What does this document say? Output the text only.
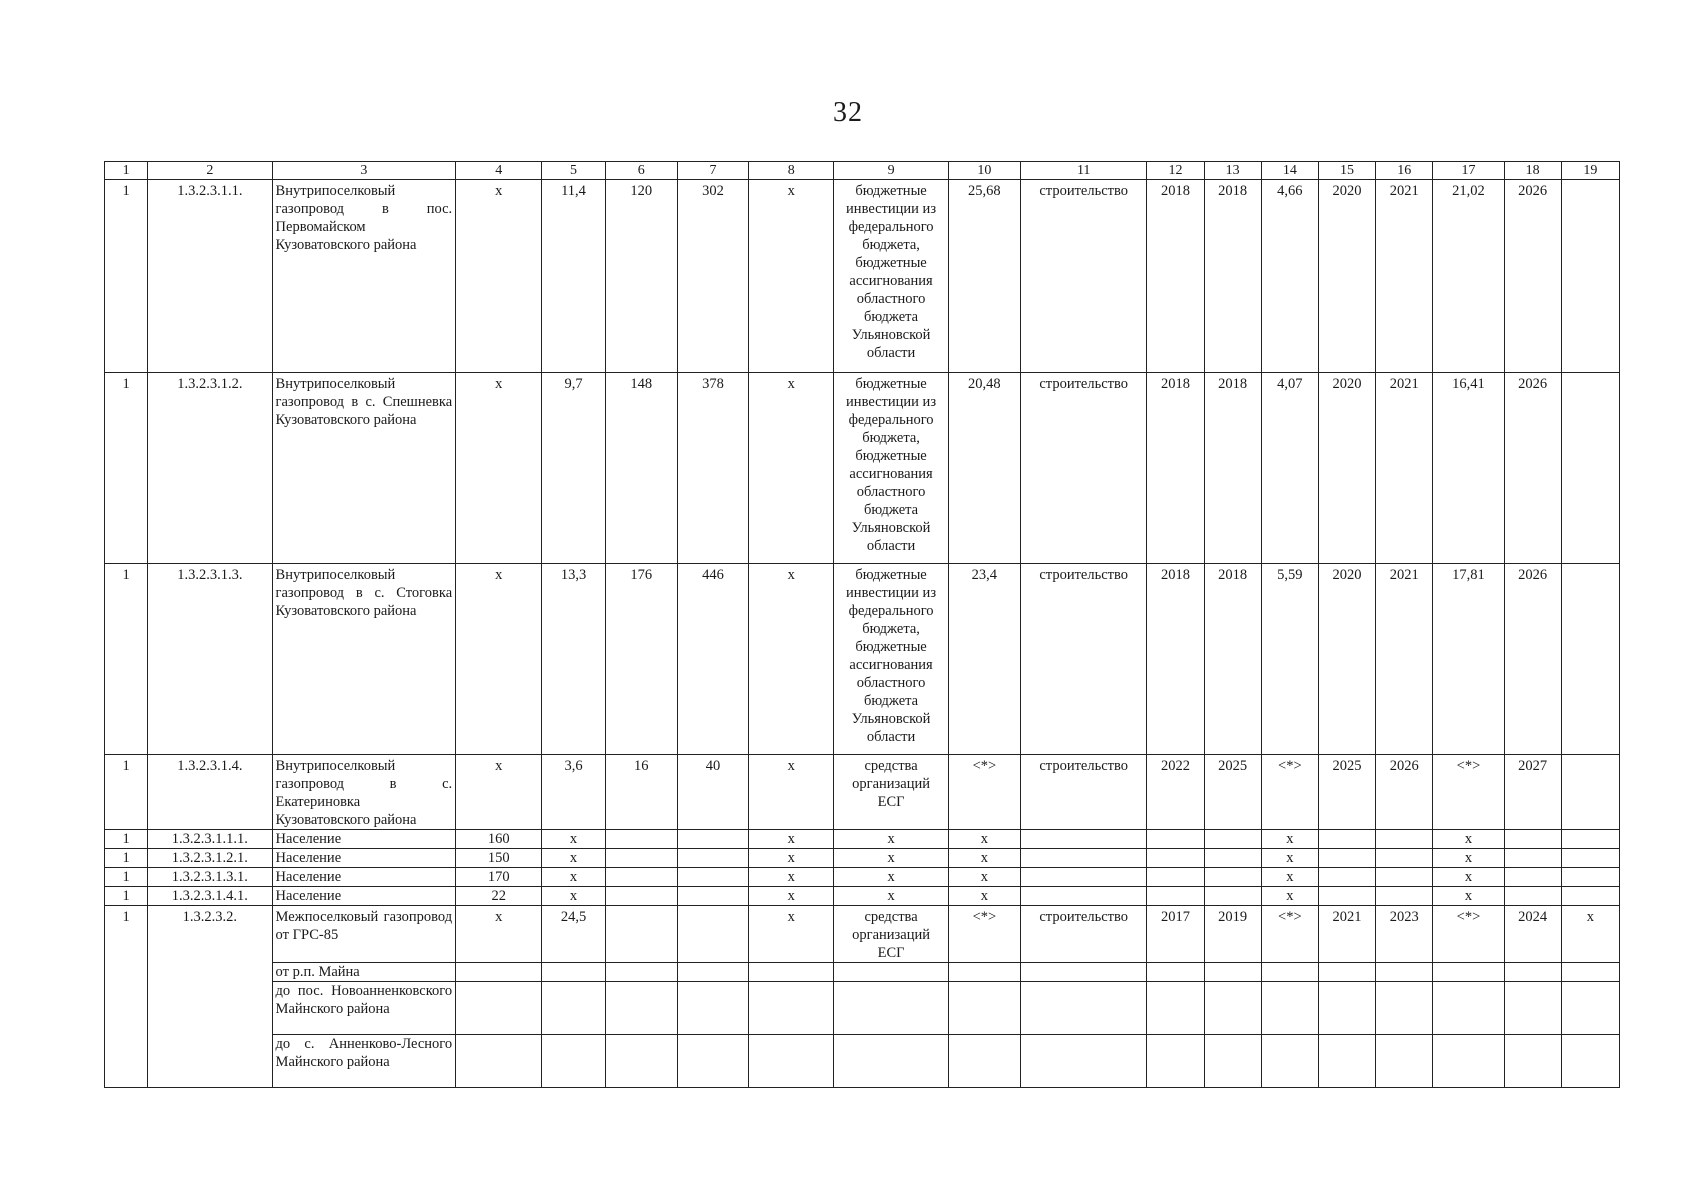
32
1	2	3	4	5	6	7	8	9	10	11	12	13	14	15	16	17	18	19
1	1.3.2.3.1.1.	Внутрипоселковый газопровод в пос. Первомайском Кузоватовского района	x	11,4	120	302	x	бюджетные инвестиции из федерального бюджета, бюджетные ассигнования областного бюджета Ульяновской области	25,68	строительство	2018	2018	4,66	2020	2021	21,02	2026	
1	1.3.2.3.1.2.	Внутрипоселковый газопровод в с. Спешневка Кузоватовского района	x	9,7	148	378	x	бюджетные инвестиции из федерального бюджета, бюджетные ассигнования областного бюджета Ульяновской области	20,48	строительство	2018	2018	4,07	2020	2021	16,41	2026	
1	1.3.2.3.1.3.	Внутрипоселковый газопровод в с. Стоговка Кузоватовского района	x	13,3	176	446	x	бюджетные инвестиции из федерального бюджета, бюджетные ассигнования областного бюджета Ульяновской области	23,4	строительство	2018	2018	5,59	2020	2021	17,81	2026	
1	1.3.2.3.1.4.	Внутрипоселковый газопровод в с. Екатериновка Кузоватовского района	x	3,6	16	40	x	средства организаций ЕСГ	<*>	строительство	2022	2025	<*>	2025	2026	<*>	2027	
1	1.3.2.3.1.1.1.	Население	160	x			x	x	x				x			x		
1	1.3.2.3.1.2.1.	Население	150	x			x	x	x				x			x		
1	1.3.2.3.1.3.1.	Население	170	x			x	x	x				x			x		
1	1.3.2.3.1.4.1.	Население	22	x			x	x	x				x			x		
1	1.3.2.3.2.	Межпоселковый газопровод от ГРС-85	x	24,5			x	средства организаций ЕСГ	<*>	строительство	2017	2019	<*>	2021	2023	<*>	2024	x
		от р.п. Майна																
		до пос. Новоанненковского Майнского района																
		до с. Анненково-Лесного Майнского района																
